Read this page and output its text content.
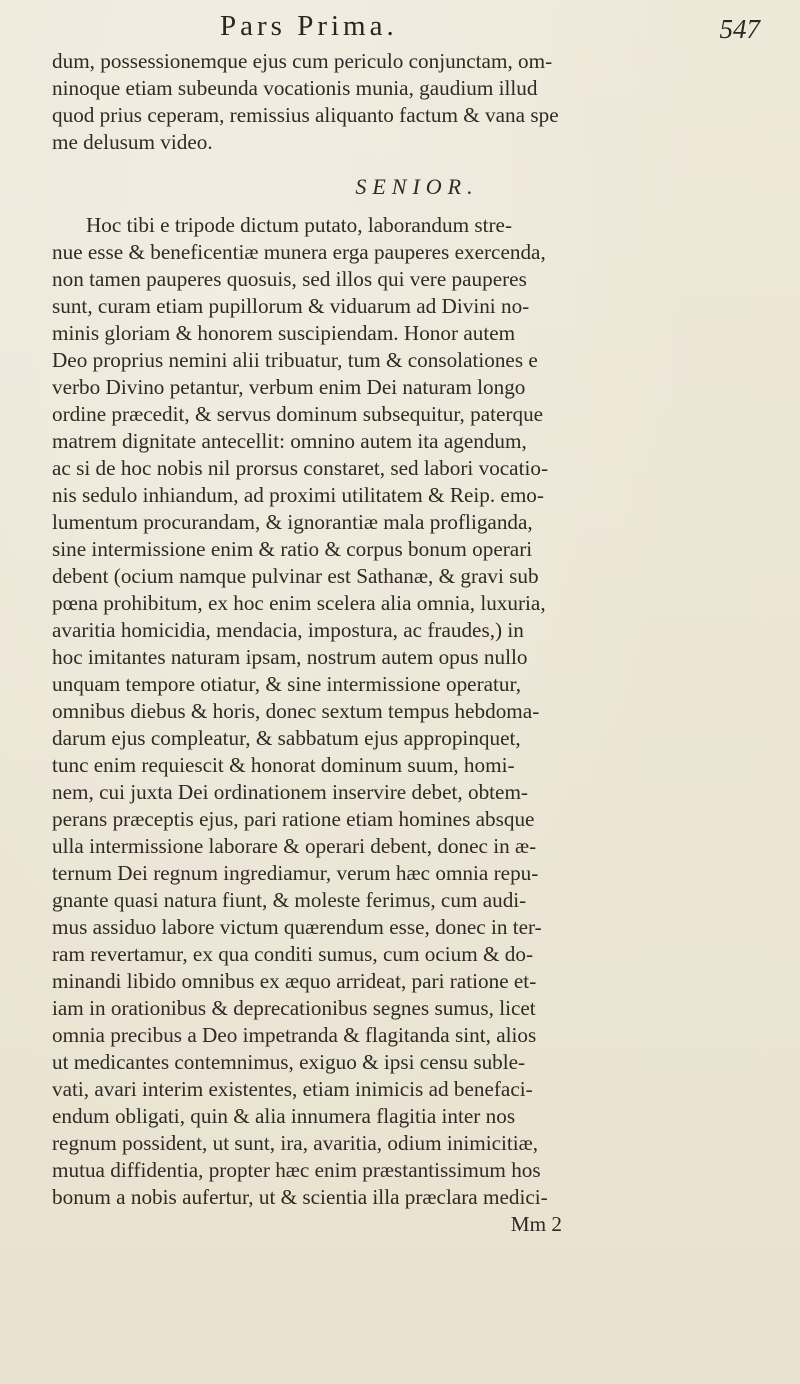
Pars Prima.	547
dum, possessionemque ejus cum periculo conjunctam, om-
ninoque etiam subeunda vocationis munia, gaudium illud
quod prius ceperam, remissius aliquanto factum & vana spe
me delusum video.
SENIOR.
Hoc tibi e tripode dictum putato, laborandum stre-
nue esse & beneficentiæ munera erga pauperes exercenda,
non tamen pauperes quosuis, sed illos qui vere pauperes
sunt, curam etiam pupillorum & viduarum ad Divini no-
minis gloriam & honorem suscipiendam. Honor autem
Deo proprius nemini alii tribuatur, tum & consolationes e
verbo Divino petantur, verbum enim Dei naturam longo
ordine præcedit, & servus dominum subsequitur, paterque
matrem dignitate antecellit: omnino autem ita agendum,
ac si de hoc nobis nil prorsus constaret, sed labori vocatio-
nis sedulo inhiandum, ad proximi utilitatem & Reip. emo-
lumentum procurandam, & ignorantiæ mala profliganda,
sine intermissione enim & ratio & corpus bonum operari
debent (ocium namque pulvinar est Sathanæ, & gravi sub
pœna prohibitum, ex hoc enim scelera alia omnia, luxuria,
avaritia homicidia, mendacia, impostura, ac fraudes,) in
hoc imitantes naturam ipsam, nostrum autem opus nullo
unquam tempore otiatur, & sine intermissione operatur,
omnibus diebus & horis, donec sextum tempus hebdoma-
darum ejus compleatur, & sabbatum ejus appropinquet,
tunc enim requiescit & honorat dominum suum, homi-
nem, cui juxta Dei ordinationem inservire debet, obtem-
perans præceptis ejus, pari ratione etiam homines absque
ulla intermissione laborare & operari debent, donec in æ-
ternum Dei regnum ingrediamur, verum hæc omnia repu-
gnante quasi natura fiunt, & moleste ferimus, cum audi-
mus assiduo labore victum quærendum esse, donec in ter-
ram revertamur, ex qua conditi sumus, cum ocium & do-
minandi libido omnibus ex æquo arrideat, pari ratione et-
iam in orationibus & deprecationibus segnes sumus, licet
omnia precibus a Deo impetranda & flagitanda sint, alios
ut medicantes contemnimus, exiguo & ipsi censu suble-
vati, avari interim existentes, etiam inimicis ad benefaci-
endum obligati, quin & alia innumera flagitia inter nos
regnum possident, ut sunt, ira, avaritia, odium inimicitiæ,
mutua diffidentia, propter hæc enim præstantissimum hos
bonum a nobis aufertur, ut & scientia illa præclara medici-
Mm 2
